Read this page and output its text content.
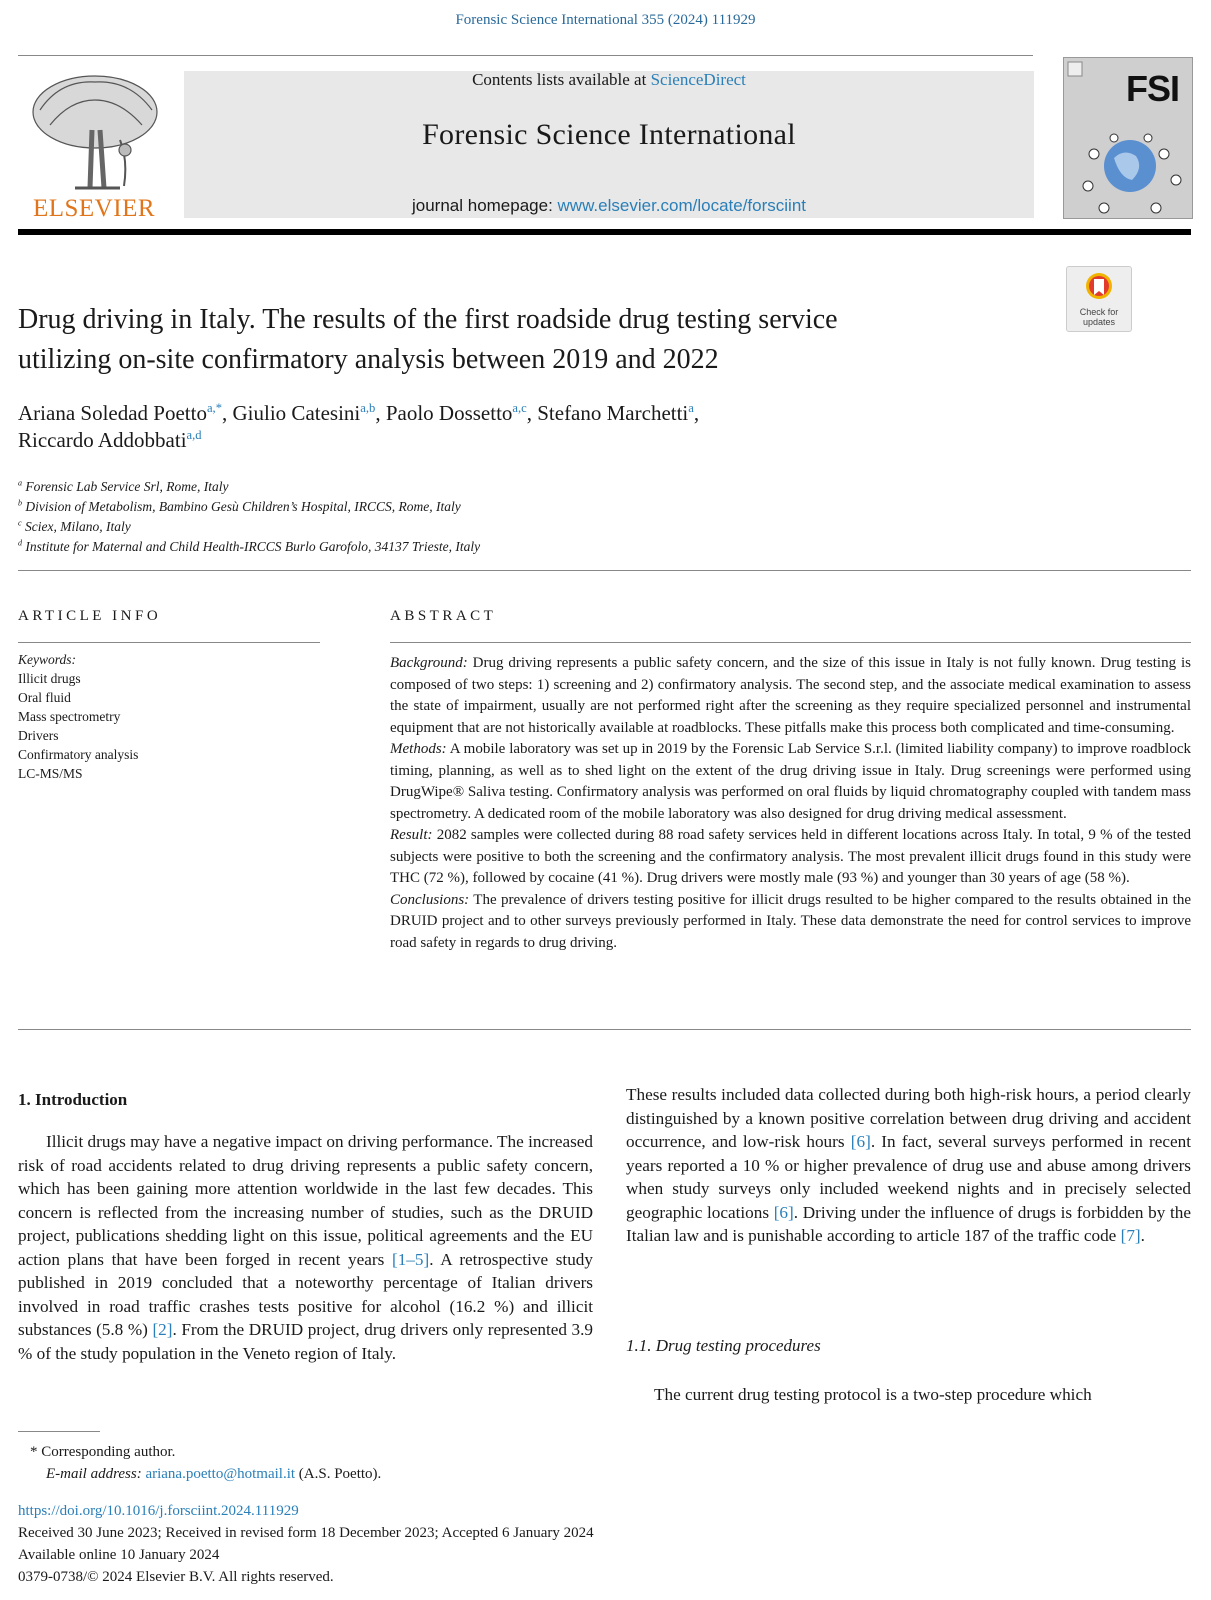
Forensic Science International 355 (2024) 111929
ELSEVIER
Contents lists available at ScienceDirect
Forensic Science International
journal homepage: www.elsevier.com/locate/forsciint
FSI
Check for updates
Drug driving in Italy. The results of the first roadside drug testing service
utilizing on-site confirmatory analysis between 2019 and 2022
Ariana Soledad Poetto$^{a,*}$, Giulio Catesini$^{a,b}$, Paolo Dossetto$^{a,c}$, Stefano Marchetti$^a$,
Riccardo Addobbati$^{a,d}$
$^a$ Forensic Lab Service Srl, Rome, Italy
$^b$ Division of Metabolism, Bambino Gesù Children’s Hospital, IRCCS, Rome, Italy
$^c$ Sciex, Milano, Italy
$^d$ Institute for Maternal and Child Health-IRCCS Burlo Garofolo, 34137 Trieste, Italy
ARTICLE INFO
Keywords:
Illicit drugs
Oral fluid
Mass spectrometry
Drivers
Confirmatory analysis
LC-MS/MS
ABSTRACT

Background: Drug driving represents a public safety concern, and the size of this issue in Italy is not fully known. Drug testing is composed of two steps: 1) screening and 2) confirmatory analysis. The second step, and the associate medical examination to assess the state of impairment, usually are not performed right after the screening as they require specialized personnel and instrumental equipment that are not historically available at roadblocks. These pitfalls make this process both complicated and time-consuming.

Methods: A mobile laboratory was set up in 2019 by the Forensic Lab Service S.r.l. (limited liability company) to improve roadblock timing, planning, as well as to shed light on the extent of the drug driving issue in Italy. Drug screenings were performed using DrugWipe® Saliva testing. Confirmatory analysis was performed on oral fluids by liquid chromatography coupled with tandem mass spectrometry. A dedicated room of the mobile laboratory was also designed for drug driving medical assessment.

Result: 2082 samples were collected during 88 road safety services held in different locations across Italy. In total, 9 % of the tested subjects were positive to both the screening and the confirmatory analysis. The most prevalent illicit drugs found in this study were THC (72 %), followed by cocaine (41 %). Drug drivers were mostly male (93 %) and younger than 30 years of age (58 %).

Conclusions: The prevalence of drivers testing positive for illicit drugs resulted to be higher compared to the results obtained in the DRUID project and to other surveys previously performed in Italy. These data demonstrate the need for control services to improve road safety in regards to drug driving.

1. Introduction

Illicit drugs may have a negative impact on driving performance. The increased risk of road accidents related to drug driving represents a public safety concern, which has been gaining more attention worldwide in the last few decades. This concern is reflected from the increasing number of studies, such as the DRUID project, publications shedding light on this issue, political agreements and the EU action plans that have been forged in recent years [1–5]. A retrospective study published in 2019 concluded that a noteworthy percentage of Italian drivers involved in road traffic crashes tests positive for alcohol (16.2 %) and illicit substances (5.8 %) [2]. From the DRUID project, drug drivers only represented 3.9 % of the study population in the Veneto region of Italy.

These results included data collected during both high-risk hours, a period clearly distinguished by a known positive correlation between drug driving and accident occurrence, and low-risk hours [6]. In fact, several surveys performed in recent years reported a 10 % or higher prevalence of drug use and abuse among drivers when study surveys only included weekend nights and in precisely selected geographic locations [6]. Driving under the influence of drugs is forbidden by the Italian law and is punishable according to article 187 of the traffic code [7].

1.1. Drug testing procedures
The current drug testing protocol is a two-step procedure which
* Corresponding author.
E-mail address: ariana.poetto@hotmail.it (A.S. Poetto).
https://doi.org/10.1016/j.forsciint.2024.111929
Received 30 June 2023; Received in revised form 18 December 2023; Accepted 6 January 2024
Available online 10 January 2024
0379-0738/© 2024 Elsevier B.V. All rights reserved.
